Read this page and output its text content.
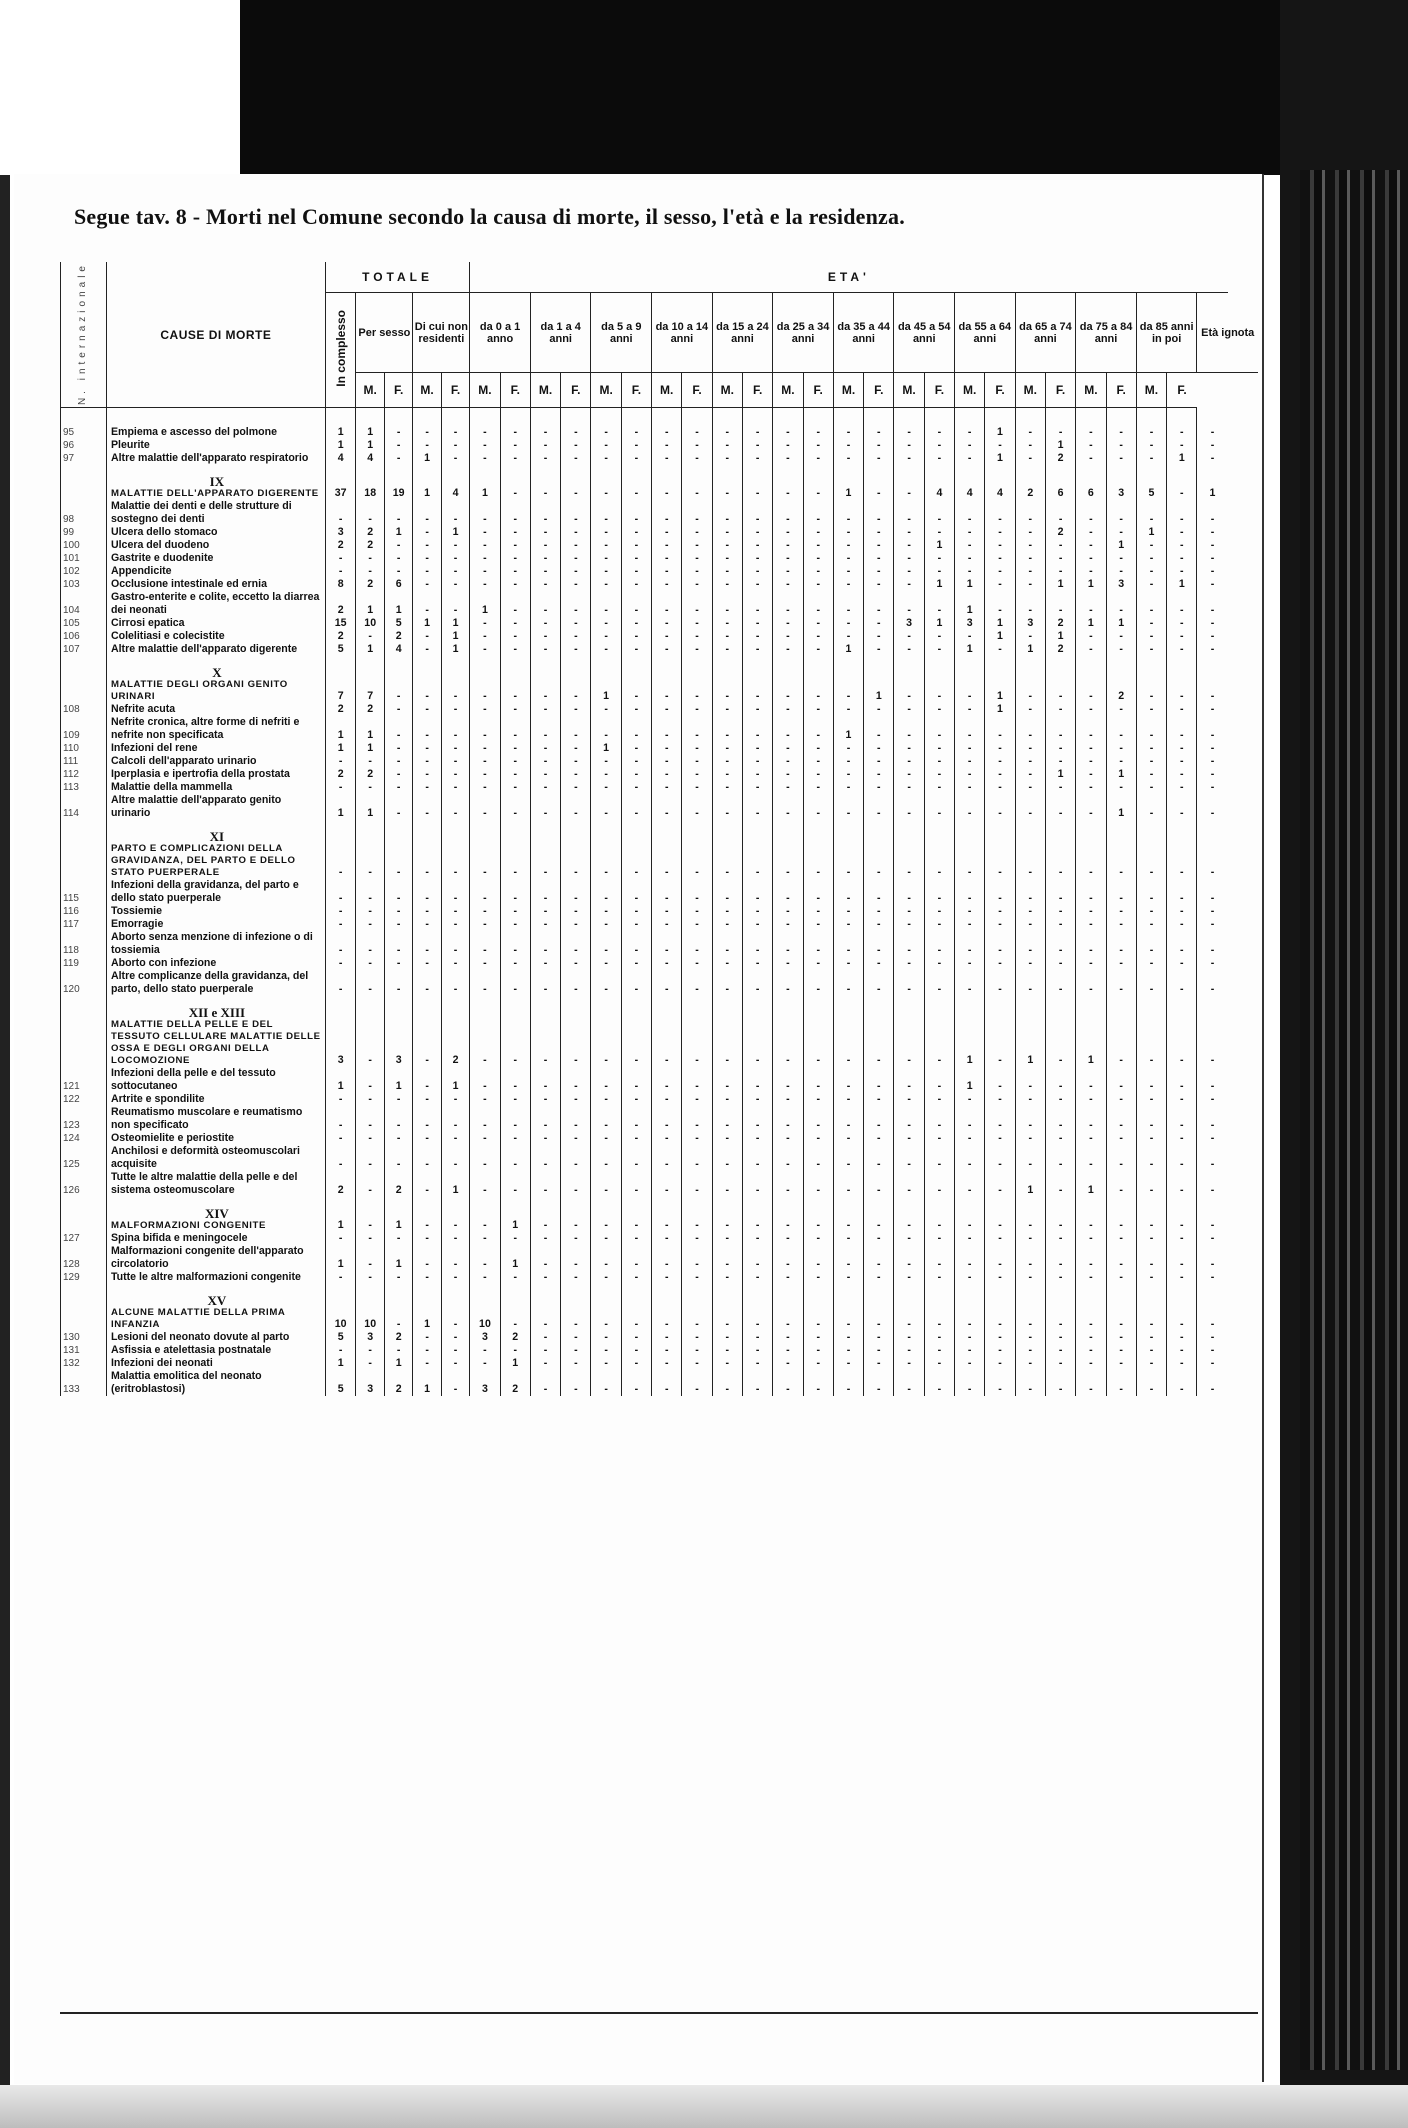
Segue tav. 8 - Morti nel Comune secondo la causa di morte, il sesso, l'età e la residenza.
N. internazionale	CAUSE DI MORTE	TOTALE					ETA'																								
		In complesso	Per sesso		Di cui non residenti		da 0 a 1 anno		da 1 a 4 anni		da 5 a 9 anni		da 10 a 14 anni		da 15 a 24 anni		da 25 a 34 anni		da 35 a 44 anni		da 45 a 54 anni		da 55 a 64 anni		da 65 a 74 anni		da 75 a 84 anni		da 85 anni in poi		Età ignota
			M.	F.	M.	F.	M.	F.	M.	F.	M.	F.	M.	F.	M.	F.	M.	F.	M.	F.	M.	F.	M.	F.	M.	F.	M.	F.	M.	F.	
95	Empiema e ascesso del polmone	1	1	-	-	-	-	-	-	-	-	-	-	-	-	-	-	-	-	-	-	-	-	1	-	-	-	-	-	-	-
96	Pleurite	1	1	-	-	-	-	-	-	-	-	-	-	-	-	-	-	-	-	-	-	-	-	-	-	1	-	-	-	-	-
97	Altre malattie dell'apparato respiratorio	4	4	-	1	-	-	-	-	-	-	-	-	-	-	-	-	-	-	-	-	-	-	1	-	2	-	-	-	1	-

	IX
MALATTIE DELL'APPARATO DIGERENTE	37	18	19	1	4	1	-	-	-	-	-	-	-	-	-	-	-	1	-	-	4	4	4	2	6	6	3	5	-	1
98	Malattie dei denti e delle strutture di sostegno dei denti	-	-	-	-	-	-	-	-	-	-	-	-	-	-	-	-	-	-	-	-	-	-	-	-	-	-	-	-	-	-
99	Ulcera dello stomaco	3	2	1	-	1	-	-	-	-	-	-	-	-	-	-	-	-	-	-	-	-	-	-	-	2	-	-	1	-	-
100	Ulcera del duodeno	2	2	-	-	-	-	-	-	-	-	-	-	-	-	-	-	-	-	-	-	1	-	-	-	-	-	1	-	-	-
101	Gastrite e duodenite	-	-	-	-	-	-	-	-	-	-	-	-	-	-	-	-	-	-	-	-	-	-	-	-	-	-	-	-	-	-
102	Appendicite	-	-	-	-	-	-	-	-	-	-	-	-	-	-	-	-	-	-	-	-	-	-	-	-	-	-	-	-	-	-
103	Occlusione intestinale ed ernia	8	2	6	-	-	-	-	-	-	-	-	-	-	-	-	-	-	-	-	-	1	1	-	-	1	1	3	-	1	-
104	Gastro-enterite e colite, eccetto la diarrea dei neonati	2	1	1	-	-	1	-	-	-	-	-	-	-	-	-	-	-	-	-	-	-	1	-	-	-	-	-	-	-	-
105	Cirrosi epatica	15	10	5	1	1	-	-	-	-	-	-	-	-	-	-	-	-	-	-	3	1	3	1	3	2	1	1	-	-	-
106	Colelitiasi e colecistite	2	-	2	-	1	-	-	-	-	-	-	-	-	-	-	-	-	-	-	-	-	-	1	-	1	-	-	-	-	-
107	Altre malattie dell'apparato digerente	5	1	4	-	1	-	-	-	-	-	-	-	-	-	-	-	-	1	-	-	-	1	-	1	2	-	-	-	-	-

	X
MALATTIE DEGLI ORGANI GENITO URINARI	7	7	-	-	-	-	-	-	-	1	-	-	-	-	-	-	-	-	1	-	-	-	1	-	-	-	2	-	-	-
108	Nefrite acuta	2	2	-	-	-	-	-	-	-	-	-	-	-	-	-	-	-	-	-	-	-	-	1	-	-	-	-	-	-	-
109	Nefrite cronica, altre forme di nefriti e nefrite non specificata	1	1	-	-	-	-	-	-	-	-	-	-	-	-	-	-	-	1	-	-	-	-	-	-	-	-	-	-	-	-
110	Infezioni del rene	1	1	-	-	-	-	-	-	-	1	-	-	-	-	-	-	-	-	-	-	-	-	-	-	-	-	-	-	-	-
111	Calcoli dell'apparato urinario	-	-	-	-	-	-	-	-	-	-	-	-	-	-	-	-	-	-	-	-	-	-	-	-	-	-	-	-	-	-
112	Iperplasia e ipertrofia della prostata	2	2	-	-	-	-	-	-	-	-	-	-	-	-	-	-	-	-	-	-	-	-	-	-	1	-	1	-	-	-
113	Malattie della mammella	-	-	-	-	-	-	-	-	-	-	-	-	-	-	-	-	-	-	-	-	-	-	-	-	-	-	-	-	-	-
114	Altre malattie dell'apparato genito urinario	1	1	-	-	-	-	-	-	-	-	-	-	-	-	-	-	-	-	-	-	-	-	-	-	-	-	1	-	-	-

	XI
PARTO E COMPLICAZIONI DELLA GRAVIDANZA, DEL PARTO E DELLO STATO PUERPERALE	-	-	-	-	-	-	-	-	-	-	-	-	-	-	-	-	-	-	-	-	-	-	-	-	-	-	-	-	-	-
115	Infezioni della gravidanza, del parto e dello stato puerperale	-	-	-	-	-	-	-	-	-	-	-	-	-	-	-	-	-	-	-	-	-	-	-	-	-	-	-	-	-	-
116	Tossiemie	-	-	-	-	-	-	-	-	-	-	-	-	-	-	-	-	-	-	-	-	-	-	-	-	-	-	-	-	-	-
117	Emorragie	-	-	-	-	-	-	-	-	-	-	-	-	-	-	-	-	-	-	-	-	-	-	-	-	-	-	-	-	-	-
118	Aborto senza menzione di infezione o di tossiemia	-	-	-	-	-	-	-	-	-	-	-	-	-	-	-	-	-	-	-	-	-	-	-	-	-	-	-	-	-	-
119	Aborto con infezione	-	-	-	-	-	-	-	-	-	-	-	-	-	-	-	-	-	-	-	-	-	-	-	-	-	-	-	-	-	-
120	Altre complicanze della gravidanza, del parto, dello stato puerperale	-	-	-	-	-	-	-	-	-	-	-	-	-	-	-	-	-	-	-	-	-	-	-	-	-	-	-	-	-	-

	XII e XIII
MALATTIE DELLA PELLE E DEL TESSUTO CELLULARE MALATTIE DELLE OSSA E DEGLI ORGANI DELLA LOCOMOZIONE	3	-	3	-	2	-	-	-	-	-	-	-	-	-	-	-	-	-	-	-	-	1	-	1	-	1	-	-	-	-
121	Infezioni della pelle e del tessuto sottocutaneo	1	-	1	-	1	-	-	-	-	-	-	-	-	-	-	-	-	-	-	-	-	1	-	-	-	-	-	-	-	-
122	Artrite e spondilite	-	-	-	-	-	-	-	-	-	-	-	-	-	-	-	-	-	-	-	-	-	-	-	-	-	-	-	-	-	-
123	Reumatismo muscolare e reumatismo non specificato	-	-	-	-	-	-	-	-	-	-	-	-	-	-	-	-	-	-	-	-	-	-	-	-	-	-	-	-	-	-
124	Osteomielite e periostite	-	-	-	-	-	-	-	-	-	-	-	-	-	-	-	-	-	-	-	-	-	-	-	-	-	-	-	-	-	-
125	Anchilosi e deformità osteomuscolari acquisite	-	-	-	-	-	-	-	-	-	-	-	-	-	-	-	-	-	-	-	-	-	-	-	-	-	-	-	-	-	-
126	Tutte le altre malattie della pelle e del sistema osteomuscolare	2	-	2	-	1	-	-	-	-	-	-	-	-	-	-	-	-	-	-	-	-	-	-	1	-	1	-	-	-	-

	XIV
MALFORMAZIONI CONGENITE	1	-	1	-	-	-	1	-	-	-	-	-	-	-	-	-	-	-	-	-	-	-	-	-	-	-	-	-	-	-
127	Spina bifida e meningocele	-	-	-	-	-	-	-	-	-	-	-	-	-	-	-	-	-	-	-	-	-	-	-	-	-	-	-	-	-	-
128	Malformazioni congenite dell'apparato circolatorio	1	-	1	-	-	-	1	-	-	-	-	-	-	-	-	-	-	-	-	-	-	-	-	-	-	-	-	-	-	-
129	Tutte le altre malformazioni congenite	-	-	-	-	-	-	-	-	-	-	-	-	-	-	-	-	-	-	-	-	-	-	-	-	-	-	-	-	-	-

	XV
ALCUNE MALATTIE DELLA PRIMA INFANZIA	10	10	-	1	-	10	-	-	-	-	-	-	-	-	-	-	-	-	-	-	-	-	-	-	-	-	-	-	-	-
130	Lesioni del neonato dovute al parto	5	3	2	-	-	3	2	-	-	-	-	-	-	-	-	-	-	-	-	-	-	-	-	-	-	-	-	-	-	-
131	Asfissia e atelettasia postnatale	-	-	-	-	-	-	-	-	-	-	-	-	-	-	-	-	-	-	-	-	-	-	-	-	-	-	-	-	-	-
132	Infezioni dei neonati	1	-	1	-	-	-	1	-	-	-	-	-	-	-	-	-	-	-	-	-	-	-	-	-	-	-	-	-	-	-
133	Malattia emolitica del neonato (eritroblastosi)	5	3	2	1	-	3	2	-	-	-	-	-	-	-	-	-	-	-	-	-	-	-	-	-	-	-	-	-	-	-
